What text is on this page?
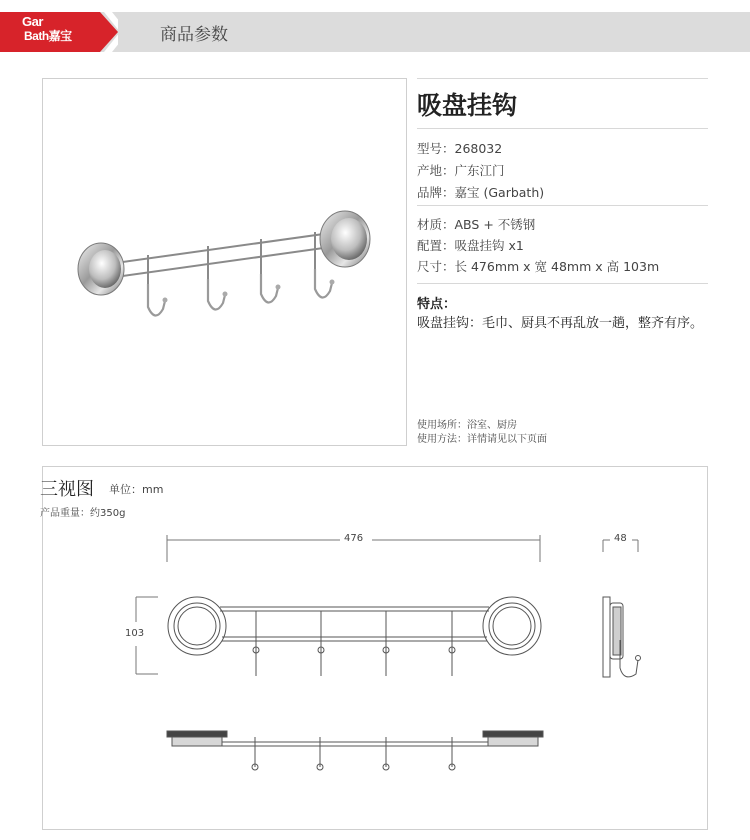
Gar
Bath嘉宝	商品参数
吸盘挂钩
型号：268032
产地：广东江门
品牌：嘉宝 (Garbath)
材质：ABS + 不锈钢
配置：吸盘挂钩 x1
尺寸：长 476mm x 宽 48mm x 高 103m
特点：
吸盘挂钩：毛巾、厨具不再乱放一趟，整齐有序。
使用场所：浴室、厨房
使用方法：详情请见以下页面
三视图 单位：mm
产品重量：约350g
476
103
48
